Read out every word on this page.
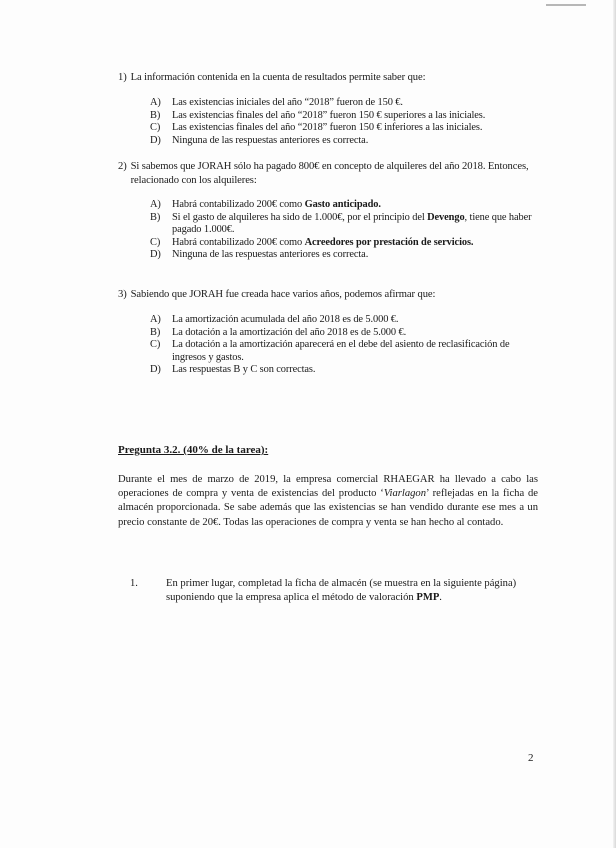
1) La información contenida en la cuenta de resultados permite saber que:
A)	Las existencias iniciales del año “2018” fueron de 150 €.
B)	Las existencias finales del año “2018” fueron 150 € superiores a las iniciales.
C)	Las existencias finales del año “2018” fueron 150 € inferiores a las iniciales.
D)	Ninguna de las respuestas anteriores es correcta.
2) Si sabemos que JORAH sólo ha pagado 800€ en concepto de alquileres del año 2018. Entonces, relacionado con los alquileres:
A)	Habrá contabilizado 200€ como Gasto anticipado.
B)	Si el gasto de alquileres ha sido de 1.000€, por el principio del Devengo, tiene que haber pagado 1.000€.
C)	Habrá contabilizado 200€ como Acreedores por prestación de servicios.
D)	Ninguna de las respuestas anteriores es correcta.
3) Sabiendo que JORAH fue creada hace varios años, podemos afirmar que:
A)	La amortización acumulada del año 2018 es de 5.000 €.
B)	La dotación a la amortización del año 2018 es de 5.000 €.
C)	La dotación a la amortización aparecerá en el debe del asiento de reclasificación de ingresos y gastos.
D)	Las respuestas B y C son correctas.
Pregunta 3.2. (40% de la tarea):
Durante el mes de marzo de 2019, la empresa comercial RHAEGAR ha llevado a cabo las operaciones de compra y venta de existencias del producto ‘Viarlagon’ reflejadas en la ficha de almacén proporcionada. Se sabe además que las existencias se han vendido durante ese mes a un precio constante de 20€. Todas las operaciones de compra y venta se han hecho al contado.
1.	En primer lugar, completad la ficha de almacén (se muestra en la siguiente página) suponiendo que la empresa aplica el método de valoración PMP.
2
